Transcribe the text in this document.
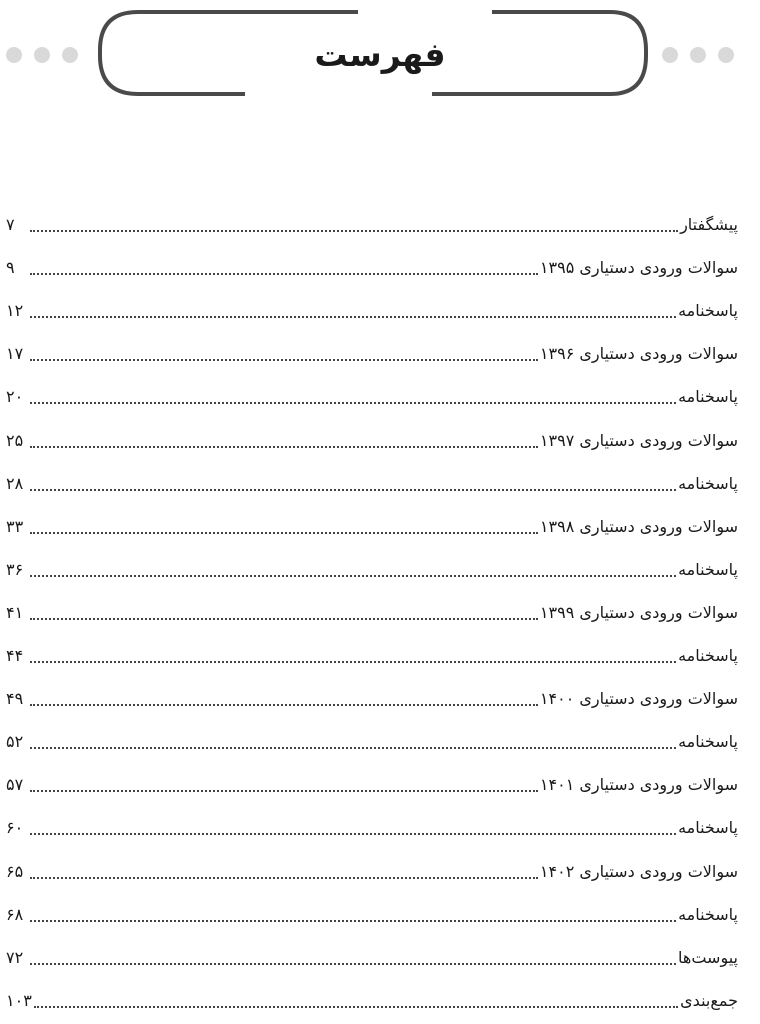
فهرست
پیشگفتار
۷
سوالات ورودی دستیاری ۱۳۹۵
۹
پاسخنامه
۱۲
سوالات ورودی دستیاری ۱۳۹۶
۱۷
پاسخنامه
۲۰
سوالات ورودی دستیاری ۱۳۹۷
۲۵
پاسخنامه
۲۸
سوالات ورودی دستیاری ۱۳۹۸
۳۳
پاسخنامه
۳۶
سوالات ورودی دستیاری ۱۳۹۹
۴۱
پاسخنامه
۴۴
سوالات ورودی دستیاری ۱۴۰۰
۴۹
پاسخنامه
۵۲
سوالات ورودی دستیاری ۱۴۰۱
۵۷
پاسخنامه
۶۰
سوالات ورودی دستیاری ۱۴۰۲
۶۵
پاسخنامه
۶۸
پیوست‌ها
۷۲
جمع‌بندی
۱۰۳
